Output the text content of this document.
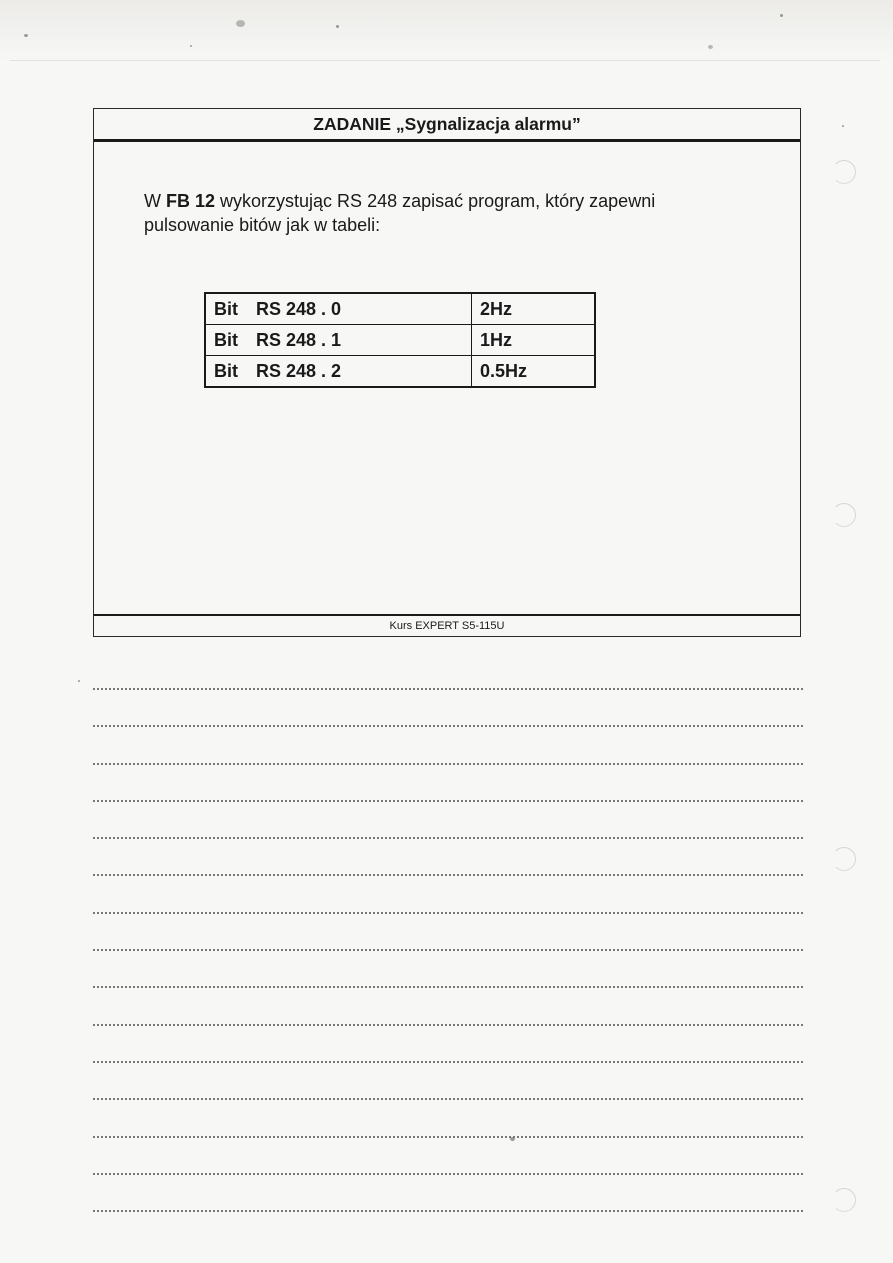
ZADANIE „Sygnalizacja alarmu”
W FB 12 wykorzystując RS 248 zapisać program, który zapewni pulsowanie bitów jak w tabeli:
Bit RS 248 . 0	2Hz
Bit RS 248 . 1	1Hz
Bit RS 248 . 2	0.5Hz
Kurs EXPERT S5-115U
